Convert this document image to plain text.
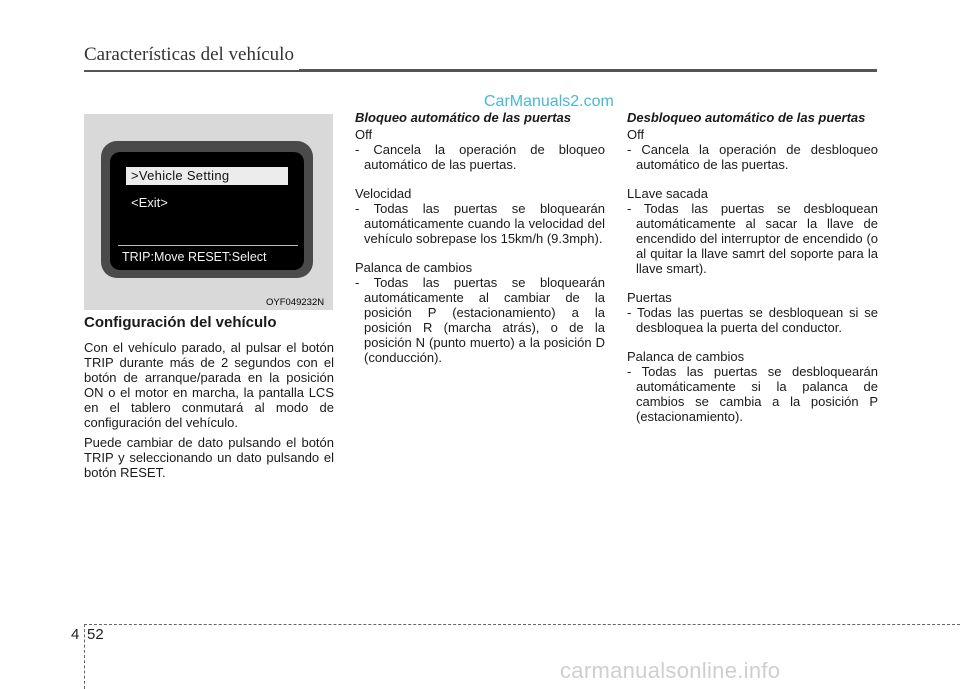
Características del vehículo
CarManuals2.com
>Vehicle Setting
<Exit>
TRIP:Move RESET:Select
OYF049232N
Configuración del vehículo

Con el vehículo parado, al pulsar el botón TRIP durante más de 2 segundos con el botón de arranque/parada en la posición ON o el motor en marcha, la pantalla LCS en el tablero conmutará al modo de configuración del vehículo.

Puede cambiar de dato pulsando el botón TRIP y seleccionando un dato pulsando el botón RESET.

Bloqueo automático de las puertas

Off

- Cancela la operación de bloqueo automático de las puertas.

Velocidad

- Todas las puertas se bloquearán automáticamente cuando la velocidad del vehículo sobrepase los 15km/h (9.3mph).

Palanca de cambios

- Todas las puertas se bloquearán automáticamente al cambiar de la posición P (estacionamiento) a la posición R (marcha atrás), o de la posición N (punto muerto) a la posición D (conducción).

Desbloqueo automático de las puertas

Off

- Cancela la operación de desbloqueo automático de las puertas.

LLave sacada

- Todas las puertas se desbloquean automáticamente al sacar la llave de encendido del interruptor de encendido (o al quitar la llave samrt del soporte para la llave smart).

Puertas

- Todas las puertas se desbloquean si se desbloquea la puerta del conductor.

Palanca de cambios

- Todas las puertas se desbloquearán automáticamente si la palanca de cambios se cambia a la posición P (estacionamiento).

4 52
carmanualsonline.info
